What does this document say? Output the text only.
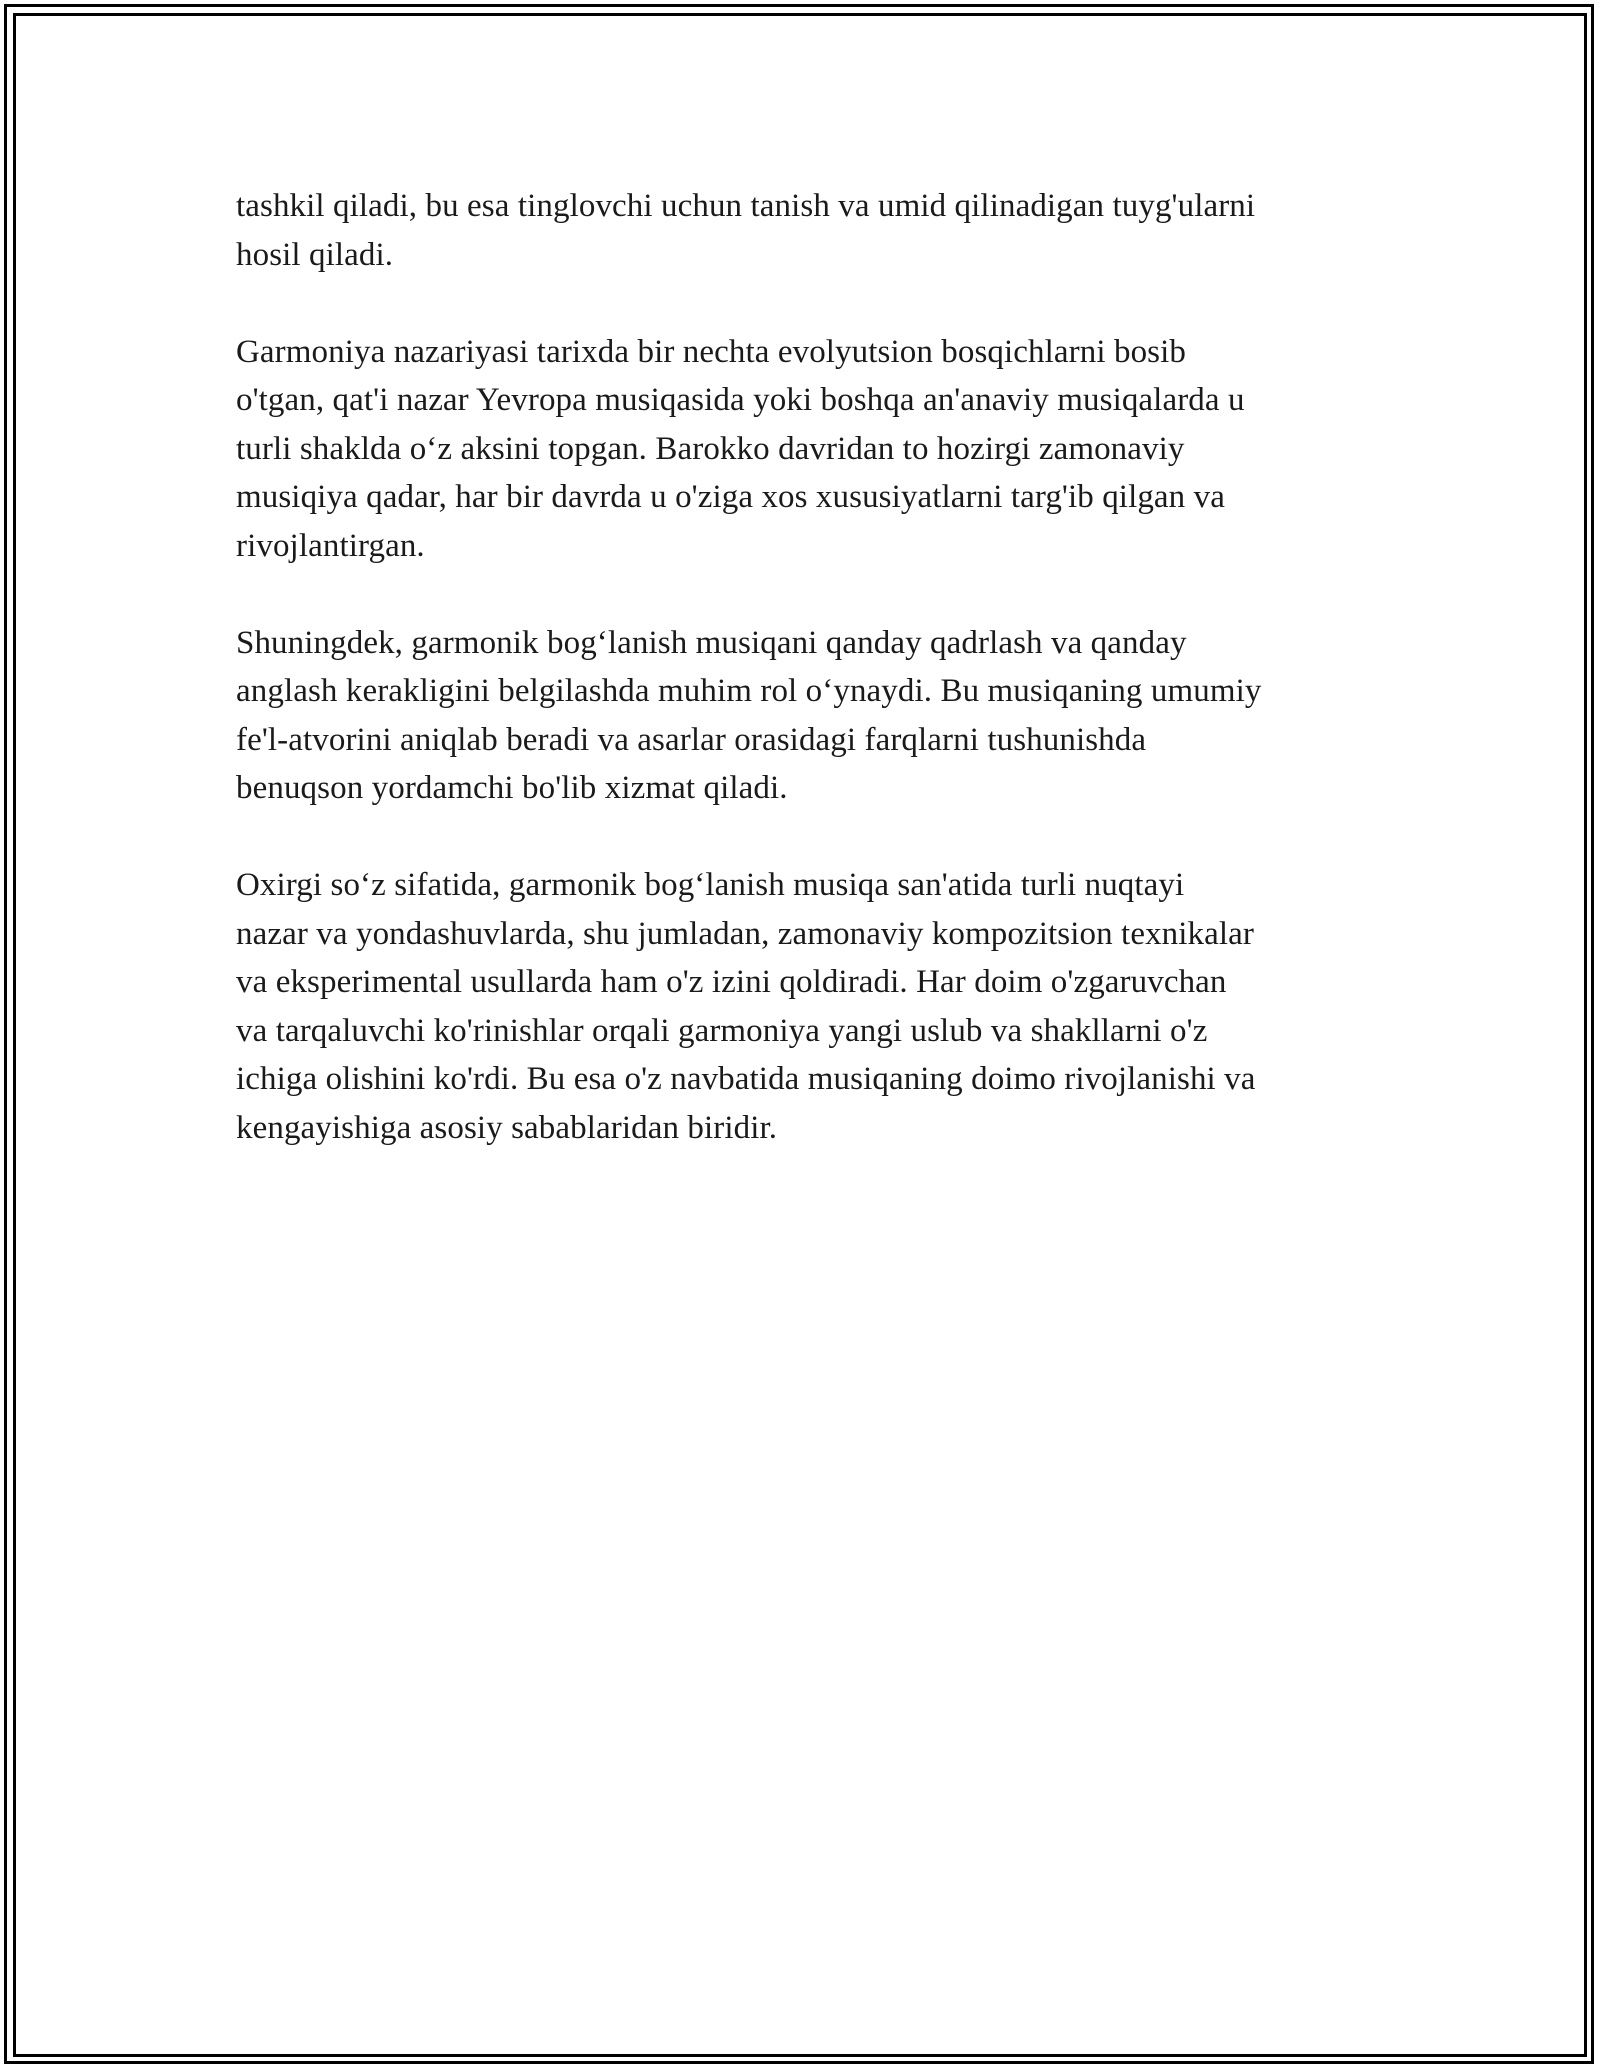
tashkil qiladi, bu esa tinglovchi uchun tanish va umid qilinadigan tuyg'ularni
hosil qiladi.

Garmoniya nazariyasi tarixda bir nechta evolyutsion bosqichlarni bosib
o'tgan, qat'i nazar Yevropa musiqasida yoki boshqa an'anaviy musiqalarda u
turli shaklda o‘z aksini topgan. Barokko davridan to hozirgi zamonaviy
musiqiya qadar, har bir davrda u o'ziga xos xususiyatlarni targ'ib qilgan va
rivojlantirgan.

Shuningdek, garmonik bog‘lanish musiqani qanday qadrlash va qanday
anglash kerakligini belgilashda muhim rol o‘ynaydi. Bu musiqaning umumiy
fe'l-atvorini aniqlab beradi va asarlar orasidagi farqlarni tushunishda
benuqson yordamchi bo'lib xizmat qiladi.

Oxirgi so‘z sifatida, garmonik bog‘lanish musiqa san'atida turli nuqtayi
nazar va yondashuvlarda, shu jumladan, zamonaviy kompozitsion texnikalar
va eksperimental usullarda ham o'z izini qoldiradi. Har doim o'zgaruvchan
va tarqaluvchi ko'rinishlar orqali garmoniya yangi uslub va shakllarni o'z
ichiga olishini ko'rdi. Bu esa o'z navbatida musiqaning doimo rivojlanishi va
kengayishiga asosiy sabablaridan biridir.
